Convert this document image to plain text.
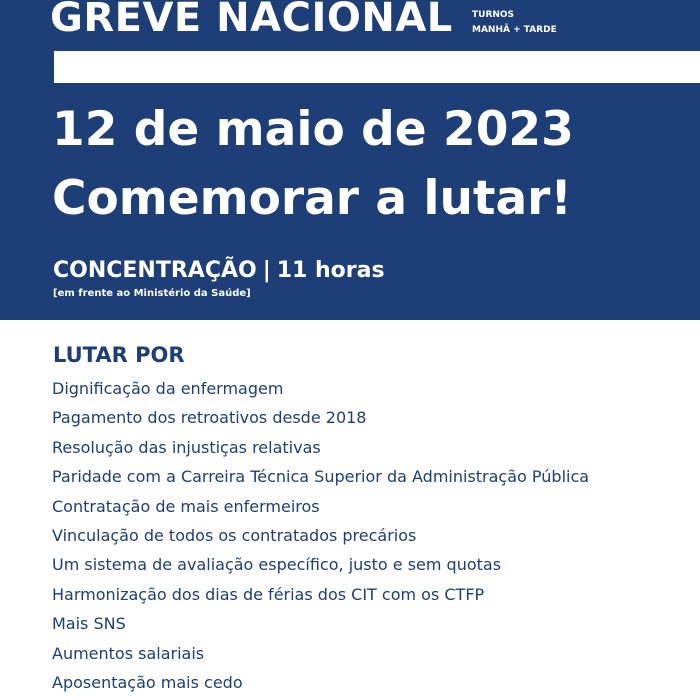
GREVE NACIONAL TURNOS
MANHÃ + TARDE
12 de maio de 2023
Comemorar a lutar!
CONCENTRAÇÃO | 11 horas
[em frente ao Ministério da Saúde]
LUTAR POR
Dignificação da enfermagem
Pagamento dos retroativos desde 2018
Resolução das injustiças relativas
Paridade com a Carreira Técnica Superior da Administração Pública
Contratação de mais enfermeiros
Vinculação de todos os contratados precários
Um sistema de avaliação específico, justo e sem quotas
Harmonização dos dias de férias dos CIT com os CTFP
Mais SNS
Aumentos salariais
Aposentação mais cedo
